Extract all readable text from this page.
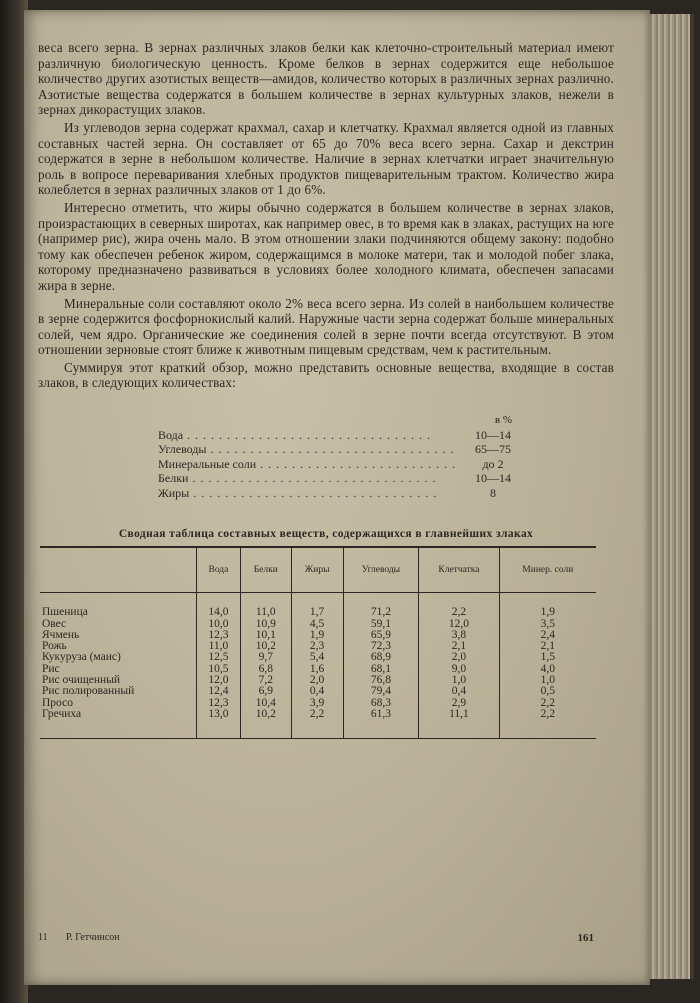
веса всего зерна. В зернах различных злаков белки как клеточно-строительный материал имеют различную биологическую ценность. Кроме белков в зернах содержится еще небольшое количество других азотистых веществ—амидов, количество которых в различных зернах различно. Азотистые вещества содержатся в большем количестве в зернах культурных злаков, нежели в зернах дикорастущих злаков.

Из углеводов зерна содержат крахмал, сахар и клетчатку. Крахмал является одной из главных составных частей зерна. Он составляет от 65 до 70% веса всего зерна. Сахар и декстрин содержатся в зерне в небольшом количестве. Наличие в зернах клетчатки играет значительную роль в вопросе переваривания хлебных продуктов пищеварительным трактом. Количество жира колеблется в зернах различных злаков от 1 до 6%.

Интересно отметить, что жиры обычно содержатся в большем количестве в зернах злаков, произрастающих в северных широтах, как например овес, в то время как в злаках, растущих на юге (например рис), жира очень мало. В этом отношении злаки подчиняются общему закону: подобно тому как обеспечен ребенок жиром, содержащимся в молоке матери, так и молодой побег злака, которому предназначено развиваться в условиях более холодного климата, обеспечен запасами жира в зерне.

Минеральные соли составляют около 2% веса всего зерна. Из солей в наибольшем количестве в зерне содержится фосфорнокислый калий. Наружные части зерна содержат больше минеральных солей, чем ядро. Органические же соединения солей в зерне почти всегда отсутствуют. В этом отношении зерновые стоят ближе к животным пищевым средствам, чем к растительным.

Суммируя этот краткий обзор, можно представить основные вещества, входящие в состав злаков, в следующих количествах:

в %
Вода . . .	10—14
Углеводы . . .	65—75
Минеральные соли . . .	до 2
Белки . . .	10—14
Жиры . . .	8
Сводная таблица составных веществ, содержащихся в главнейших злаках
	Вода	Белки	Жиры	Углеводы	Клетчатка	Минер. соли
Пшеница	14,0	11,0	1,7	71,2	2,2	1,9
Овес	10,0	10,9	4,5	59,1	12,0	3,5
Ячмень	12,3	10,1	1,9	65,9	3,8	2,4
Рожь	11,0	10,2	2,3	72,3	2,1	2,1
Кукуруза (маис)	12,5	9,7	5,4	68,9	2,0	1,5
Рис	10,5	6,8	1,6	68,1	9,0	4,0
Рис очищенный	12,0	7,2	2,0	76,8	1,0	1,0
Рис полированный	12,4	6,9	0,4	79,4	0,4	0,5
Просо	12,3	10,4	3,9	68,3	2,9	2,2
Гречиха	13,0	10,2	2,2	61,3	11,1	2,2
11 Р. Гетчинсон	161
